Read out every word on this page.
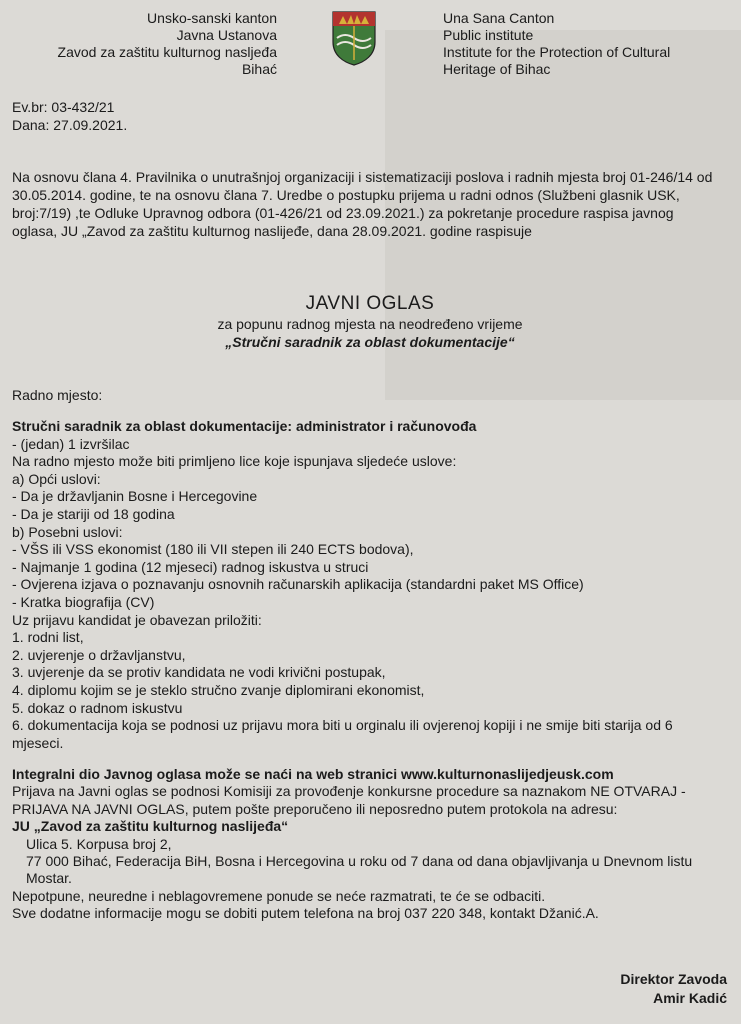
Unsko-sanski kanton
Javna Ustanova
Zavod za zaštitu kulturnog nasljeđa
Bihać
Una Sana Canton
Public institute
Institute for the Protection of Cultural
Heritage of Bihac
Ev.br: 03-432/21
Dana: 27.09.2021.
Na osnovu člana 4. Pravilnika o unutrašnjoj organizaciji i sistematizaciji poslova i radnih mjesta broj 01-246/14 od 30.05.2014. godine, te na osnovu člana 7. Uredbe o postupku prijema u radni odnos (Službeni glasnik USK, broj:7/19) ,te Odluke Upravnog odbora (01-426/21 od 23.09.2021.) za pokretanje procedure raspisa javnog oglasa, JU „Zavod za zaštitu kulturnog naslijeđe, dana 28.09.2021. godine raspisuje
JAVNI OGLAS
za popunu radnog mjesta na neodređeno vrijeme
„Stručni saradnik za oblast dokumentacije“
Radno mjesto:

Stručni saradnik za oblast dokumentacije: administrator i računovođa

- (jedan) 1 izvršilac

Na radno mjesto može biti primljeno lice koje ispunjava sljedeće uslove:

a) Opći uslovi:

- Da je državljanin Bosne i Hercegovine

- Da je stariji od 18 godina

b) Posebni uslovi:

- VŠS ili VSS ekonomist (180 ili VII stepen ili 240 ECTS bodova),

- Najmanje 1 godina (12 mjeseci) radnog iskustva u struci

- Ovjerena izjava o poznavanju osnovnih računarskih aplikacija (standardni paket MS Office)

- Kratka biografija (CV)

Uz prijavu kandidat je obavezan priložiti:

1. rodni list,

2. uvjerenje o državljanstvu,

3. uvjerenje da se protiv kandidata ne vodi krivični postupak,

4. diplomu kojim se je steklo stručno zvanje diplomirani ekonomist,

5. dokaz o radnom iskustvu

6. dokumentacija koja se podnosi uz prijavu mora biti u orginalu ili ovjerenoj kopiji i ne smije biti starija od 6 mjeseci.

Integralni dio Javnog oglasa može se naći na web stranici www.kulturnonaslijedjeusk.com

Prijava na Javni oglas se podnosi Komisiji za provođenje konkursne procedure sa naznakom NE OTVARAJ - PRIJAVA NA JAVNI OGLAS, putem pošte preporučeno ili neposredno putem protokola na adresu:

JU „Zavod za zaštitu kulturnog naslijeđa“

Ulica 5. Korpusa broj 2,

77 000 Bihać, Federacija BiH, Bosna i Hercegovina u roku od 7 dana od dana objavljivanja u Dnevnom listu Mostar.

Nepotpune, neuredne i neblagovremene ponude se neće razmatrati, te će se odbaciti.

Sve dodatne informacije mogu se dobiti putem telefona na broj 037 220 348, kontakt Džanić.A.

Direktor Zavoda
Amir Kadić
